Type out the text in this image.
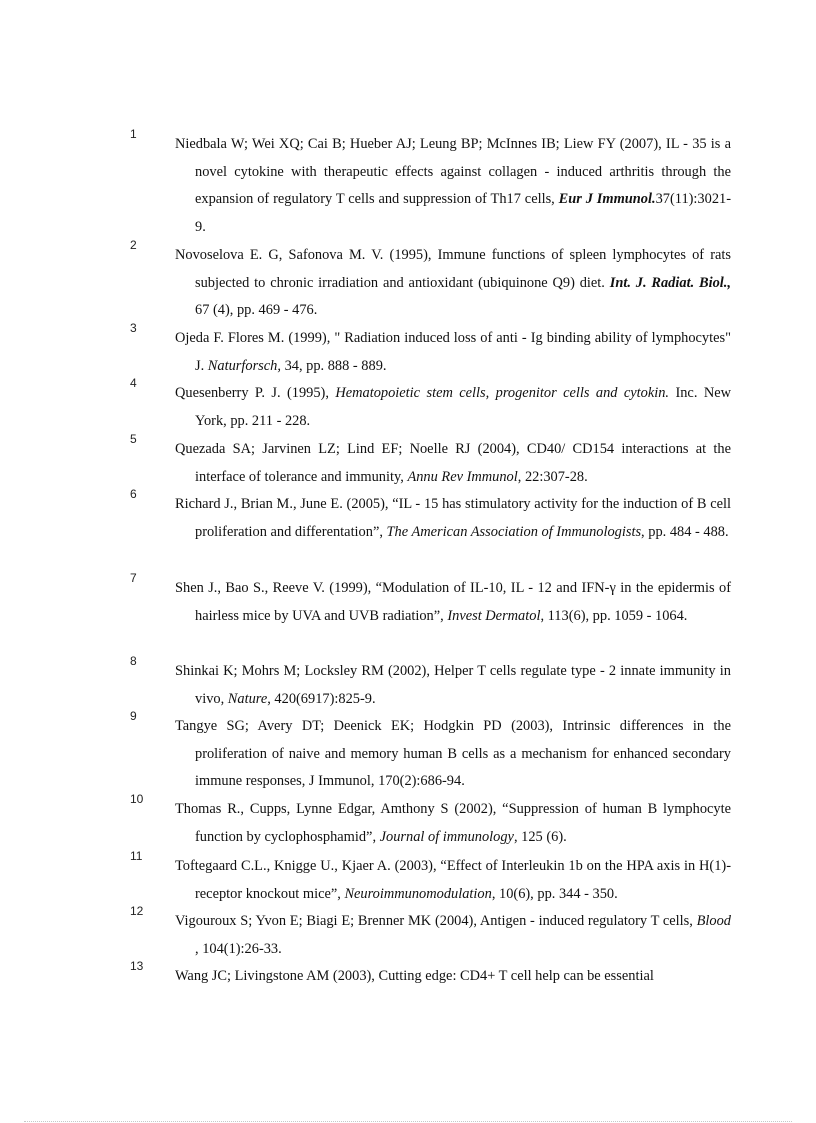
1
Niedbala W; Wei XQ; Cai B; Hueber AJ; Leung BP; McInnes IB; Liew FY (2007), IL - 35 is a novel cytokine with therapeutic effects against collagen - induced arthritis through the expansion of regulatory T cells and suppression of Th17 cells, Eur J Immunol.37(11):3021-9.
2
Novoselova E. G, Safonova M. V. (1995), Immune functions of spleen lymphocytes of rats subjected to chronic irradiation and antioxidant (ubiquinone Q9) diet. Int. J. Radiat. Biol., 67 (4), pp. 469 - 476.
3
Ojeda F. Flores M. (1999), " Radiation induced loss of anti - Ig binding ability of lymphocytes" J. Naturforsch, 34, pp. 888 - 889.
4
Quesenberry P. J. (1995), Hematopoietic stem cells, progenitor cells and cytokin. Inc. New York, pp. 211 - 228.
5
Quezada SA; Jarvinen LZ; Lind EF; Noelle RJ (2004), CD40/ CD154 interactions at the interface of tolerance and immunity, Annu Rev Immunol, 22:307-28.
6
Richard J., Brian M., June E. (2005), “IL - 15 has stimulatory activity for the induction of B cell proliferation and differentation”, The American Association of Immunologists, pp. 484 - 488.
7
Shen J., Bao S., Reeve V. (1999), “Modulation of IL-10, IL - 12 and IFN-γ in the epidermis of hairless mice by UVA and UVB radiation”, Invest Dermatol, 113(6), pp. 1059 - 1064.
8
Shinkai K; Mohrs M; Locksley RM (2002), Helper T cells regulate type - 2 innate immunity in vivo, Nature, 420(6917):825-9.
9
Tangye SG; Avery DT; Deenick EK; Hodgkin PD (2003), Intrinsic differences in the proliferation of naive and memory human B cells as a mechanism for enhanced secondary immune responses, J Immunol, 170(2):686-94.
10
Thomas R., Cupps, Lynne Edgar, Amthony S (2002), “Suppression of human B lymphocyte function by cyclophosphamid”, Journal of immunology, 125 (6).
11
Toftegaard C.L., Knigge U., Kjaer A. (2003), “Effect of Interleukin 1b on the HPA axis in H(1)-receptor knockout mice”, Neuroimmunomodulation, 10(6), pp. 344 - 350.
12
Vigouroux S; Yvon E; Biagi E; Brenner MK (2004), Antigen - induced regulatory T cells, Blood , 104(1):26-33.
13
Wang JC; Livingstone AM (2003), Cutting edge: CD4+ T cell help can be essential
